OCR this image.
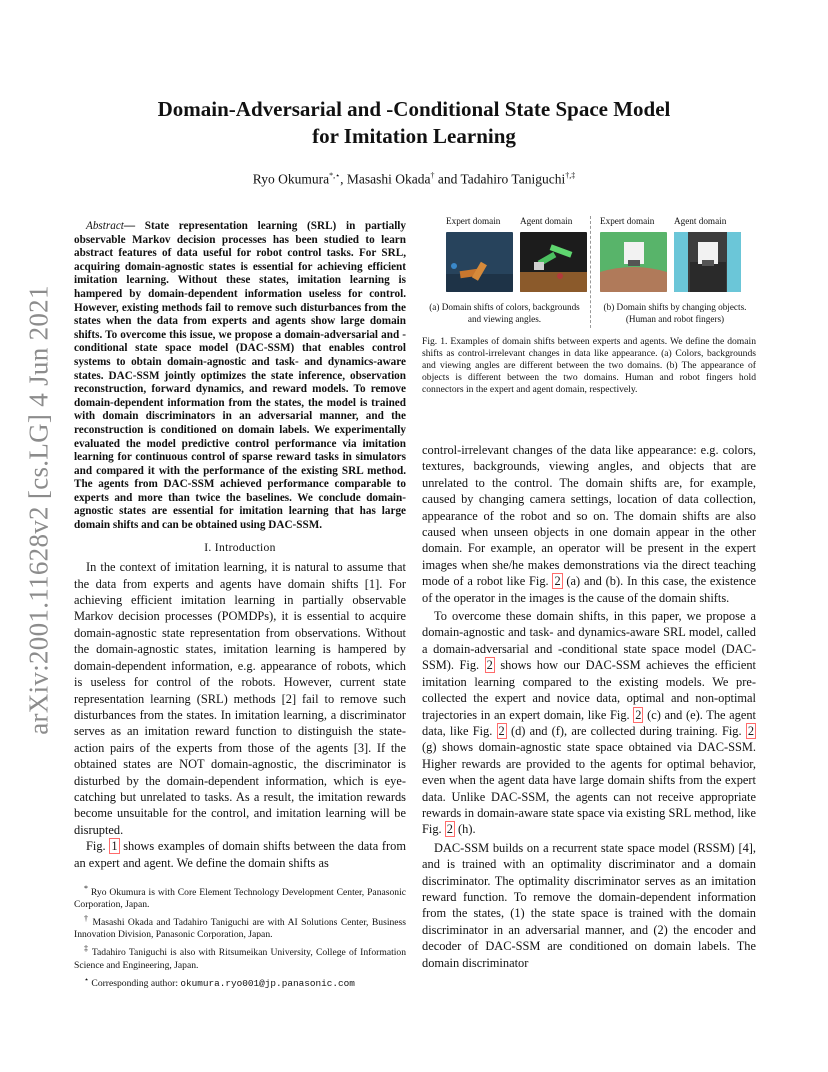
Domain-Adversarial and -Conditional State Space Model
for Imitation Learning
Ryo Okumura*,⋆, Masashi Okada† and Tadahiro Taniguchi†,‡
arXiv:2001.11628v2 [cs.LG] 4 Jun 2021

Abstract— State representation learning (SRL) in partially observable Markov decision processes has been studied to learn abstract features of data useful for robot control tasks. For SRL, acquiring domain-agnostic states is essential for achieving efficient imitation learning. Without these states, imitation learning is hampered by domain-dependent information useless for control. However, existing methods fail to remove such disturbances from the states when the data from experts and agents show large domain shifts. To overcome this issue, we propose a domain-adversarial and -conditional state space model (DAC-SSM) that enables control systems to obtain domain-agnostic and task- and dynamics-aware states. DAC-SSM jointly optimizes the state inference, observation reconstruction, forward dynamics, and reward models. To remove domain-dependent information from the states, the model is trained with domain discriminators in an adversarial manner, and the reconstruction is conditioned on domain labels. We experimentally evaluated the model predictive control performance via imitation learning for continuous control of sparse reward tasks in simulators and compared it with the performance of the existing SRL method. The agents from DAC-SSM achieved performance comparable to experts and more than twice the baselines. We conclude domain-agnostic states are essential for imitation learning that has large domain shifts and can be obtained using DAC-SSM.

I. Introduction

In the context of imitation learning, it is natural to assume that the data from experts and agents have domain shifts [1]. For achieving efficient imitation learning in partially observable Markov decision processes (POMDPs), it is essential to acquire domain-agnostic state representation from observations. Without the domain-agnostic states, imitation learning is hampered by domain-dependent information, e.g. appearance of robots, which is useless for control of the robots. However, current state representation learning (SRL) methods [2] fail to remove such disturbances from the states. In imitation learning, a discriminator serves as an imitation reward function to distinguish the state-action pairs of the experts from those of the agents [3]. If the obtained states are NOT domain-agnostic, the discriminator is disturbed by the domain-dependent information, which is eye-catching but unrelated to tasks. As a result, the imitation rewards become unsuitable for the control, and imitation learning will be disrupted.

Fig. 1 shows examples of domain shifts between the data from an expert and agent. We define the domain shifts as

* Ryo Okumura is with Core Element Technology Development Center, Panasonic Corporation, Japan.

† Masashi Okada and Tadahiro Taniguchi are with AI Solutions Center, Business Innovation Division, Panasonic Corporation, Japan.

‡ Tadahiro Taniguchi is also with Ritsumeikan University, College of Information Science and Engineering, Japan.

⋆ Corresponding author: okumura.ryo001@jp.panasonic.com

Expert domain Agent domain	Expert domain Agent domain
(a) Domain shifts of colors, backgrounds and viewing angles.
(b) Domain shifts by changing objects. (Human and robot fingers)
Fig. 1. Examples of domain shifts between experts and agents. We define the domain shifts as control-irrelevant changes in data like appearance. (a) Colors, backgrounds and viewing angles are different between the two domains. (b) The appearance of objects is different between the two domains. Human and robot fingers hold connectors in the expert and agent domain, respectively.

control-irrelevant changes of the data like appearance: e.g. colors, textures, backgrounds, viewing angles, and objects that are unrelated to the control. The domain shifts are, for example, caused by changing camera settings, location of data collection, appearance of the robot and so on. The domain shifts are also caused when unseen objects in one domain appear in the other domain. For example, an operator will be present in the expert images when she/he makes demonstrations via the direct teaching mode of a robot like Fig. 2 (a) and (b). In this case, the existence of the operator in the images is the cause of the domain shifts.

To overcome these domain shifts, in this paper, we propose a domain-agnostic and task- and dynamics-aware SRL model, called a domain-adversarial and -conditional state space model (DAC-SSM). Fig. 2 shows how our DAC-SSM achieves the efficient imitation learning compared to the existing models. We pre-collected the expert and novice data, optimal and non-optimal trajectories in an expert domain, like Fig. 2 (c) and (e). The agent data, like Fig. 2 (d) and (f), are collected during training. Fig. 2 (g) shows domain-agnostic state space obtained via DAC-SSM. Higher rewards are provided to the agents for optimal behavior, even when the agent data have large domain shifts from the expert data. Unlike DAC-SSM, the agents can not receive appropriate rewards in domain-aware state space via existing SRL method, like Fig. 2 (h).

DAC-SSM builds on a recurrent state space model (RSSM) [4], and is trained with an optimality discriminator and a domain discriminator. The optimality discriminator serves as an imitation reward function. To remove the domain-dependent information from the states, (1) the state space is trained with the domain discriminator in an adversarial manner, and (2) the encoder and decoder of DAC-SSM are conditioned on domain labels. The domain discriminator
